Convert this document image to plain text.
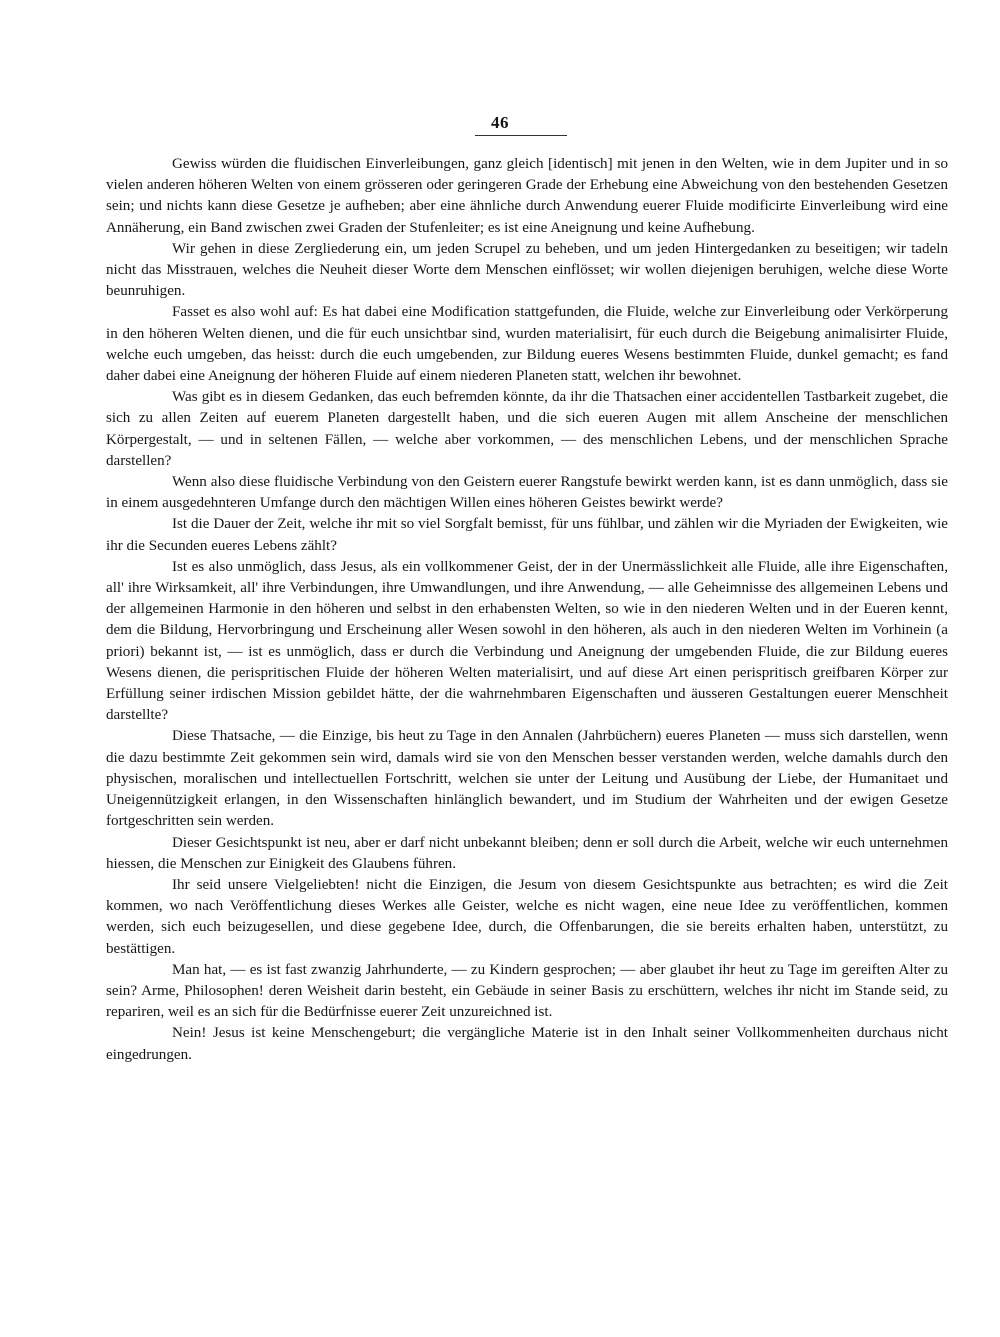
46

Gewiss würden die fluidischen Einverleibungen, ganz gleich [identisch] mit jenen in den Welten, wie in dem Jupiter und in so vielen anderen höheren Welten von einem grösseren oder geringeren Grade der Erhebung eine Abweichung von den bestehenden Gesetzen sein; und nichts kann diese Gesetze je aufheben; aber eine ähnliche durch Anwendung euerer Fluide modificirte Einverleibung wird eine Annäherung, ein Band zwischen zwei Graden der Stufenleiter; es ist eine Aneignung und keine Aufhebung.

Wir gehen in diese Zergliederung ein, um jeden Scrupel zu beheben, und um jeden Hintergedanken zu beseitigen; wir tadeln nicht das Misstrauen, welches die Neuheit dieser Worte dem Menschen einflösset; wir wollen diejenigen beruhigen, welche diese Worte beunruhigen.

Fasset es also wohl auf: Es hat dabei eine Modification stattgefunden, die Fluide, welche zur Einverleibung oder Verkörperung in den höheren Welten dienen, und die für euch unsichtbar sind, wurden materialisirt, für euch durch die Beigebung animalisirter Fluide, welche euch umgeben, das heisst: durch die euch umgebenden, zur Bildung eueres Wesens bestimmten Fluide, dunkel gemacht; es fand daher dabei eine Aneignung der höheren Fluide auf einem niederen Planeten statt, welchen ihr bewohnet.

Was gibt es in diesem Gedanken, das euch befremden könnte, da ihr die Thatsachen einer accidentellen Tastbarkeit zugebet, die sich zu allen Zeiten auf euerem Planeten dargestellt haben, und die sich eueren Augen mit allem Anscheine der menschlichen Körpergestalt, — und in seltenen Fällen, — welche aber vorkommen, — des menschlichen Lebens, und der menschlichen Sprache darstellen?

Wenn also diese fluidische Verbindung von den Geistern euerer Rangstufe bewirkt werden kann, ist es dann unmöglich, dass sie in einem ausgedehnteren Umfange durch den mächtigen Willen eines höheren Geistes bewirkt werde?

Ist die Dauer der Zeit, welche ihr mit so viel Sorgfalt bemisst, für uns fühlbar, und zählen wir die Myriaden der Ewigkeiten, wie ihr die Secunden eueres Lebens zählt?

Ist es also unmöglich, dass Jesus, als ein vollkommener Geist, der in der Unermässlichkeit alle Fluide, alle ihre Eigenschaften, all' ihre Wirksamkeit, all' ihre Verbindungen, ihre Umwandlungen, und ihre Anwendung, — alle Geheimnisse des allgemeinen Lebens und der allgemeinen Harmonie in den höheren und selbst in den erhabensten Welten, so wie in den niederen Welten und in der Eueren kennt, dem die Bildung, Hervorbringung und Erscheinung aller Wesen sowohl in den höheren, als auch in den niederen Welten im Vorhinein (a priori) bekannt ist, — ist es unmöglich, dass er durch die Verbindung und Aneignung der umgebenden Fluide, die zur Bildung eueres Wesens dienen, die perispritischen Fluide der höheren Welten materialisirt, und auf diese Art einen perispritisch greifbaren Körper zur Erfüllung seiner irdischen Mission gebildet hätte, der die wahrnehmbaren Eigenschaften und äusseren Gestaltungen euerer Menschheit darstellte?

Diese Thatsache, — die Einzige, bis heut zu Tage in den Annalen (Jahrbüchern) eueres Planeten — muss sich darstellen, wenn die dazu bestimmte Zeit gekommen sein wird, damals wird sie von den Menschen besser verstanden werden, welche damahls durch den physischen, moralischen und intellectuellen Fortschritt, welchen sie unter der Leitung und Ausübung der Liebe, der Humanitaet und Uneigennützigkeit erlangen, in den Wissenschaften hinlänglich bewandert, und im Studium der Wahrheiten und der ewigen Gesetze fortgeschritten sein werden.

Dieser Gesichtspunkt ist neu, aber er darf nicht unbekannt bleiben; denn er soll durch die Arbeit, welche wir euch unternehmen hiessen, die Menschen zur Einigkeit des Glaubens führen.

Ihr seid unsere Vielgeliebten! nicht die Einzigen, die Jesum von diesem Gesichtspunkte aus betrachten; es wird die Zeit kommen, wo nach Veröffentlichung dieses Werkes alle Geister, welche es nicht wagen, eine neue Idee zu veröffentlichen, kommen werden, sich euch beizugesellen, und diese gegebene Idee, durch, die Offenbarungen, die sie bereits erhalten haben, unterstützt, zu bestättigen.

Man hat, — es ist fast zwanzig Jahrhunderte, — zu Kindern gesprochen; — aber glaubet ihr heut zu Tage im gereiften Alter zu sein? Arme, Philosophen! deren Weisheit darin besteht, ein Gebäude in seiner Basis zu erschüttern, welches ihr nicht im Stande seid, zu repariren, weil es an sich für die Bedürfnisse euerer Zeit unzureichned ist.

Nein! Jesus ist keine Menschengeburt; die vergängliche Materie ist in den Inhalt seiner Vollkommenheiten durchaus nicht eingedrungen.
